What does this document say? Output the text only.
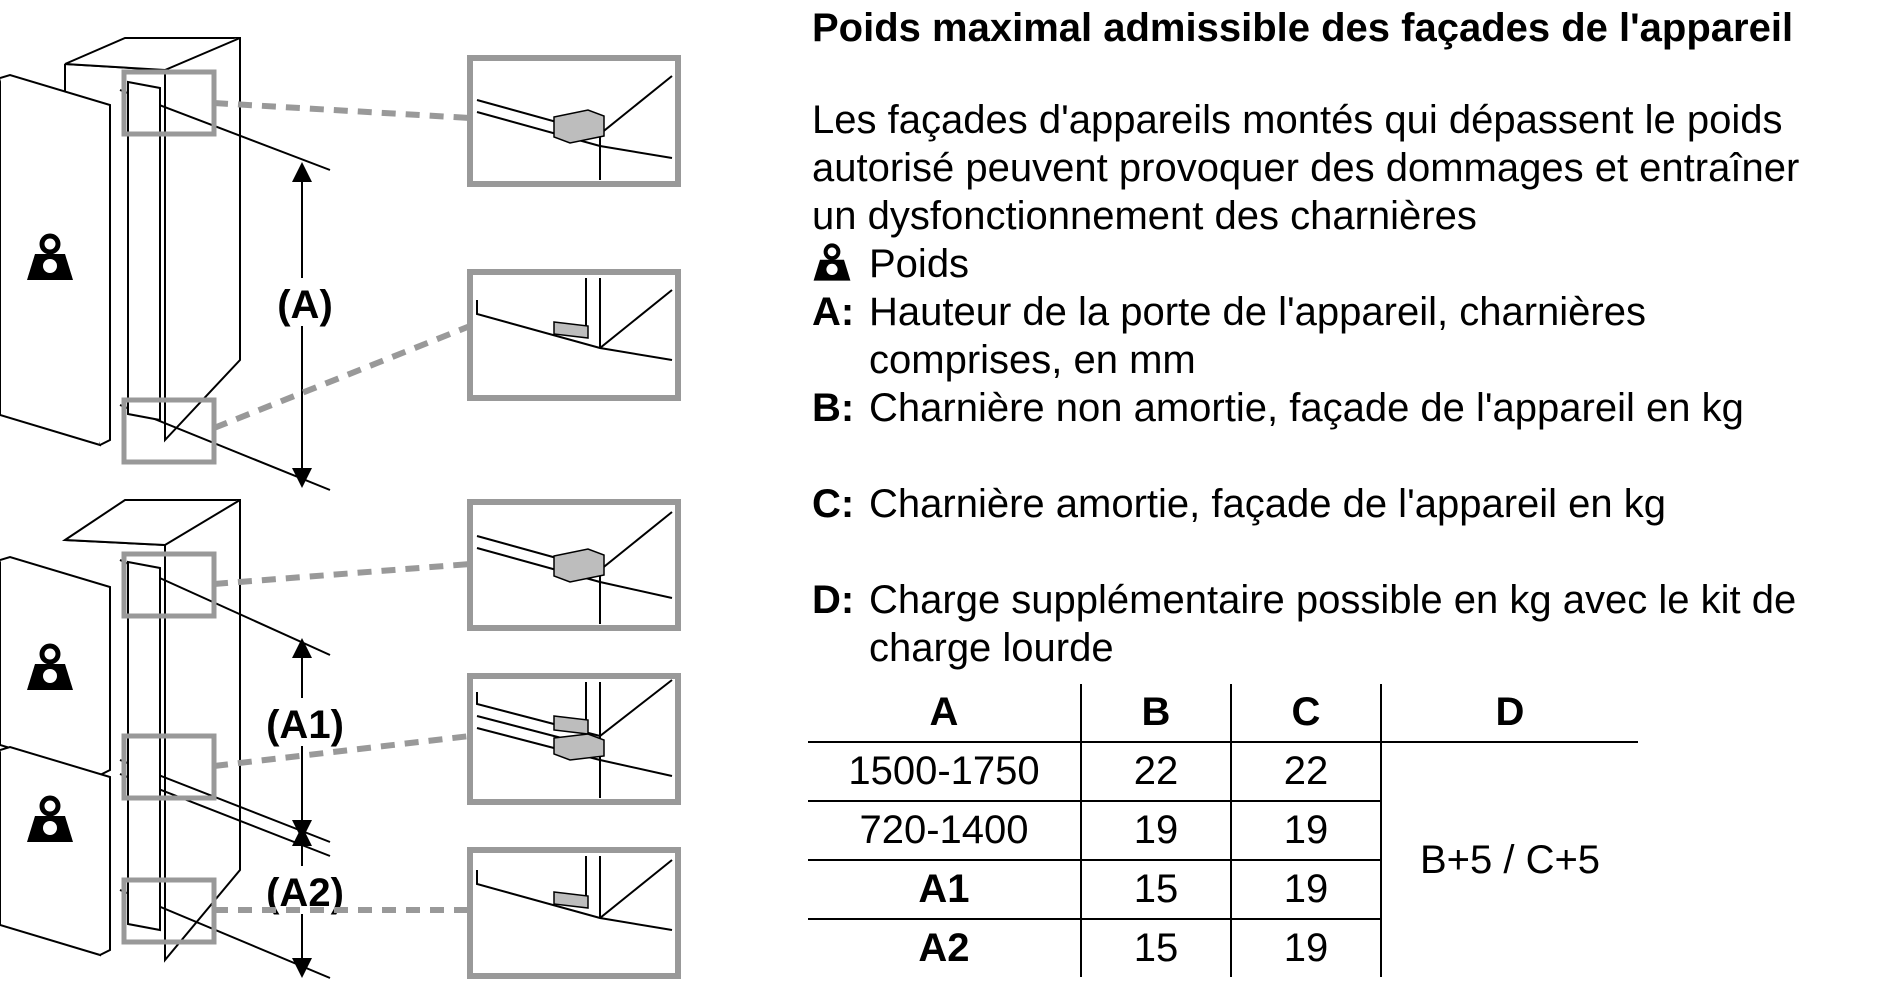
(A)
(A1)
(A2)
Poids maximal admissible des façades de l'appareil
Les façades d'appareils montés qui dépassent le poids
autorisé peuvent provoquer des dommages et entraîner
un dysfonctionnement des charnières
Poids
A: Hauteur de la porte de l'appareil, charnières
comprises, en mm
B: Charnière non amortie, façade de l'appareil en kg
C: Charnière amortie, façade de l'appareil en kg
D: Charge supplémentaire possible en kg avec le kit de
charge lourde
A	B	C	D
1500-1750	22	22	B+5 / C+5
720-1400	19	19	
A1	15	19	
A2	15	19	
